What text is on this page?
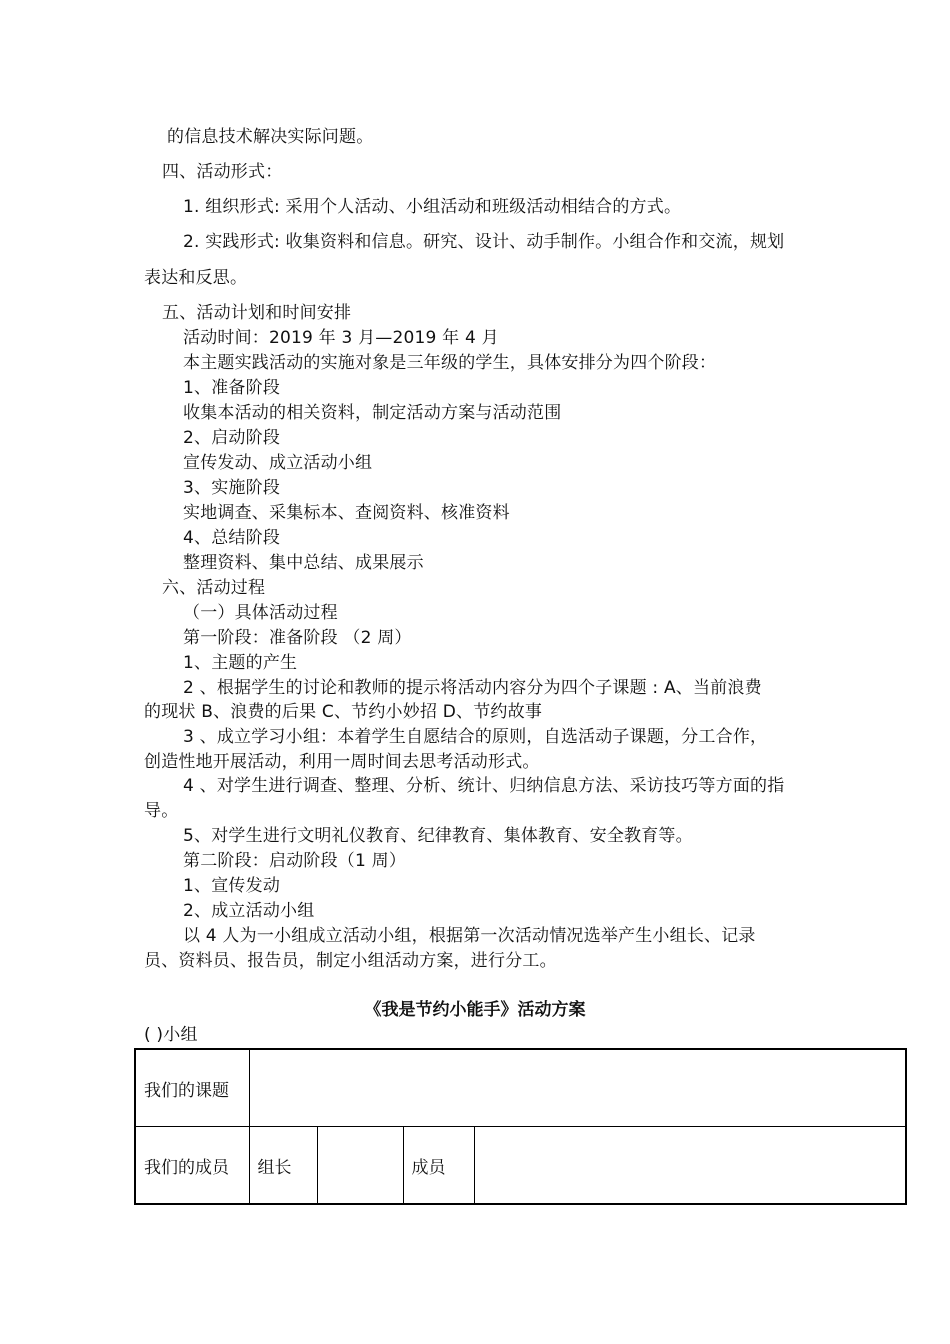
的信息技术解决实际问题。
四、活动形式：
1. 组织形式: 采用个人活动、小组活动和班级活动相结合的方式。
2. 实践形式: 收集资料和信息。研究、设计、动手制作。小组合作和交流，规划
表达和反思。
五、活动计划和时间安排
活动时间：2019 年 3 月—2019 年 4 月
本主题实践活动的实施对象是三年级的学生，具体安排分为四个阶段：
1、准备阶段
收集本活动的相关资料，制定活动方案与活动范围
2、启动阶段
宣传发动、成立活动小组
3、实施阶段
实地调查、采集标本、查阅资料、核准资料
4、总结阶段
整理资料、集中总结、成果展示
六、活动过程
（一）具体活动过程
第一阶段：准备阶段 （2 周）
1、主题的产生
2 、根据学生的讨论和教师的提示将活动内容分为四个子课题 : A、当前浪费
的现状 B、浪费的后果 C、节约小妙招 D、节约故事
3 、成立学习小组：本着学生自愿结合的原则，自选活动子课题，分工合作，
创造性地开展活动，利用一周时间去思考活动形式。
4 、对学生进行调查、整理、分析、统计、归纳信息方法、采访技巧等方面的指
导。
5、对学生进行文明礼仪教育、纪律教育、集体教育、安全教育等。
第二阶段：启动阶段（1 周）
1、宣传发动
2、成立活动小组
以 4 人为一小组成立活动小组，根据第一次活动情况选举产生小组长、记录
员、资料员、报告员，制定小组活动方案，进行分工。
《我是节约小能手》活动方案
( )小组
我们的课题				
我们的成员	组长		成员	
